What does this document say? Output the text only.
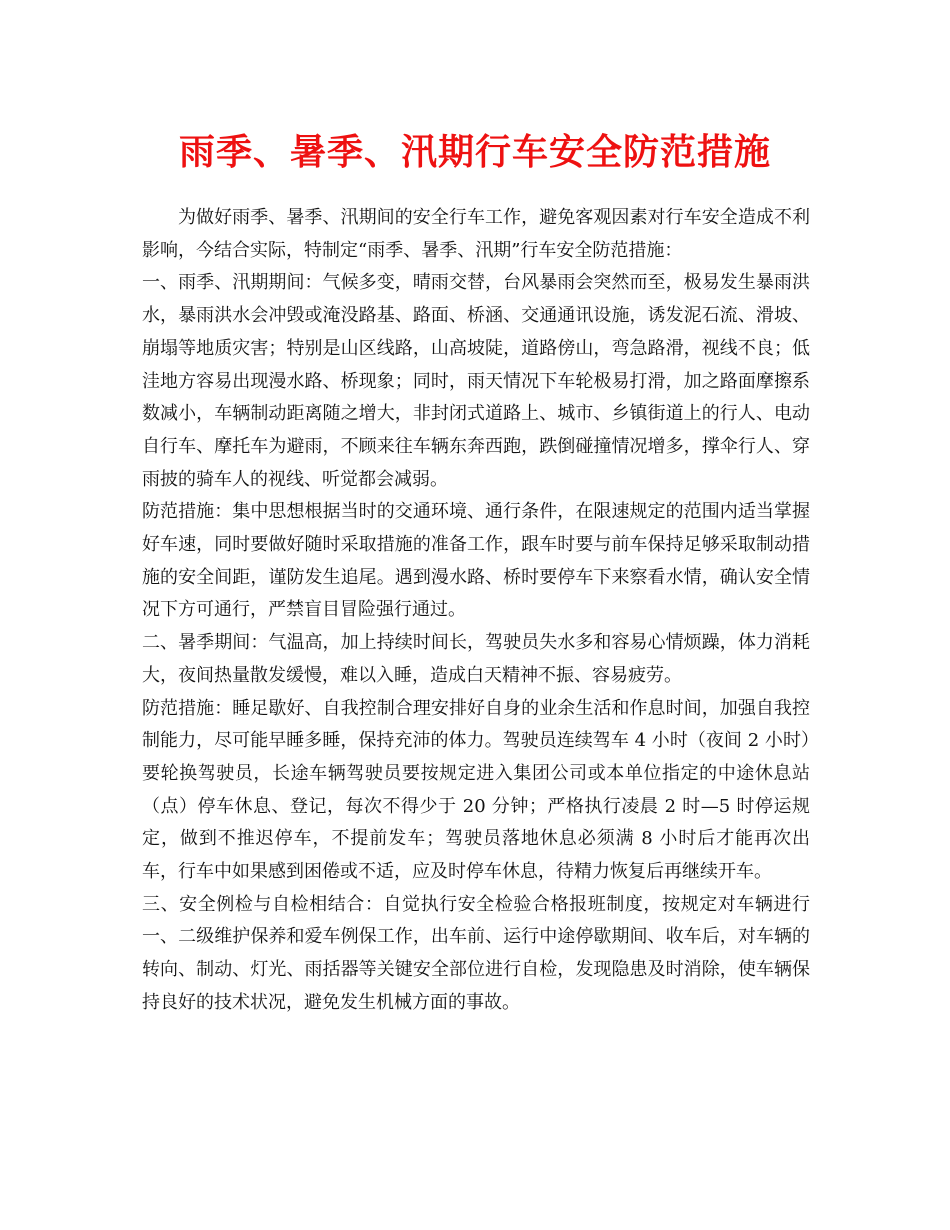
雨季、暑季、汛期行车安全防范措施

为做好雨季、暑季、汛期间的安全行车工作，避免客观因素对行车安全造成不利影响，今结合实际，特制定“雨季、暑季、汛期”行车安全防范措施：

一、雨季、汛期期间：气候多变，晴雨交替，台风暴雨会突然而至，极易发生暴雨洪水，暴雨洪水会冲毁或淹没路基、路面、桥涵、交通通讯设施，诱发泥石流、滑坡、崩塌等地质灾害；特别是山区线路，山高坡陡，道路傍山，弯急路滑，视线不良；低洼地方容易出现漫水路、桥现象；同时，雨天情况下车轮极易打滑，加之路面摩擦系数减小，车辆制动距离随之增大，非封闭式道路上、城市、乡镇街道上的行人、电动自行车、摩托车为避雨，不顾来往车辆东奔西跑，跌倒碰撞情况增多，撑伞行人、穿雨披的骑车人的视线、听觉都会减弱。

防范措施：集中思想根据当时的交通环境、通行条件，在限速规定的范围内适当掌握好车速，同时要做好随时采取措施的准备工作，跟车时要与前车保持足够采取制动措施的安全间距，谨防发生追尾。遇到漫水路、桥时要停车下来察看水情，确认安全情况下方可通行，严禁盲目冒险强行通过。

二、暑季期间：气温高，加上持续时间长，驾驶员失水多和容易心情烦躁，体力消耗大，夜间热量散发缓慢，难以入睡，造成白天精神不振、容易疲劳。

防范措施：睡足歇好、自我控制合理安排好自身的业余生活和作息时间，加强自我控制能力，尽可能早睡多睡，保持充沛的体力。驾驶员连续驾车 4 小时（夜间 2 小时）要轮换驾驶员，长途车辆驾驶员要按规定进入集团公司或本单位指定的中途休息站（点）停车休息、登记，每次不得少于 20 分钟；严格执行凌晨 2 时—5 时停运规定，做到不推迟停车，不提前发车；驾驶员落地休息必须满 8 小时后才能再次出车，行车中如果感到困倦或不适，应及时停车休息，待精力恢复后再继续开车。

三、安全例检与自检相结合：自觉执行安全检验合格报班制度，按规定对车辆进行一、二级维护保养和爱车例保工作，出车前、运行中途停歇期间、收车后，对车辆的转向、制动、灯光、雨括器等关键安全部位进行自检，发现隐患及时消除，使车辆保持良好的技术状况，避免发生机械方面的事故。
